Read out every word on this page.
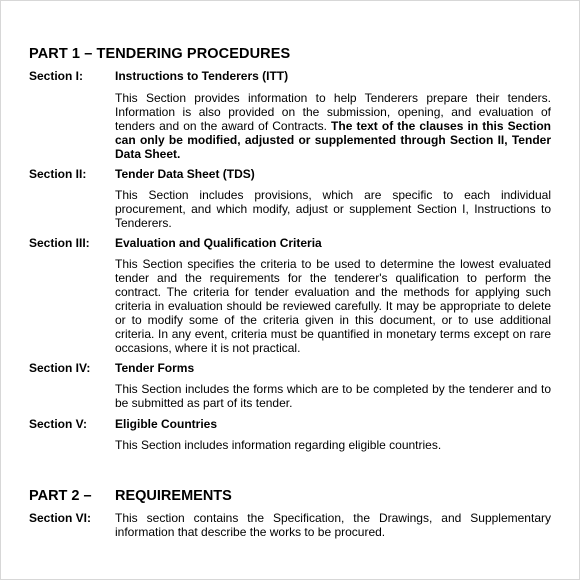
PART 1 – TENDERING PROCEDURES
Section I:	Instructions to Tenderers (ITT)
This Section provides information to help Tenderers prepare their tenders. Information is also provided on the submission, opening, and evaluation of tenders and on the award of Contracts. The text of the clauses in this Section can only be modified, adjusted or supplemented through Section II, Tender Data Sheet.
Section II: Tender Data Sheet (TDS)
This Section includes provisions, which are specific to each individual procurement, and which modify, adjust or supplement Section I, Instructions to Tenderers.
Section III: Evaluation and Qualification Criteria
This Section specifies the criteria to be used to determine the lowest evaluated tender and the requirements for the tenderer's qualification to perform the contract. The criteria for tender evaluation and the methods for applying such criteria in evaluation should be reviewed carefully. It may be appropriate to delete or to modify some of the criteria given in this document, or to use additional criteria. In any event, criteria must be quantified in monetary terms except on rare occasions, where it is not practical.
Section IV: Tender Forms
This Section includes the forms which are to be completed by the tenderer and to be submitted as part of its tender.
Section V: Eligible Countries
This Section includes information regarding eligible countries.
PART 2 – REQUIREMENTS
Section VI: This section contains the Specification, the Drawings, and Supplementary information that describe the works to be procured.
